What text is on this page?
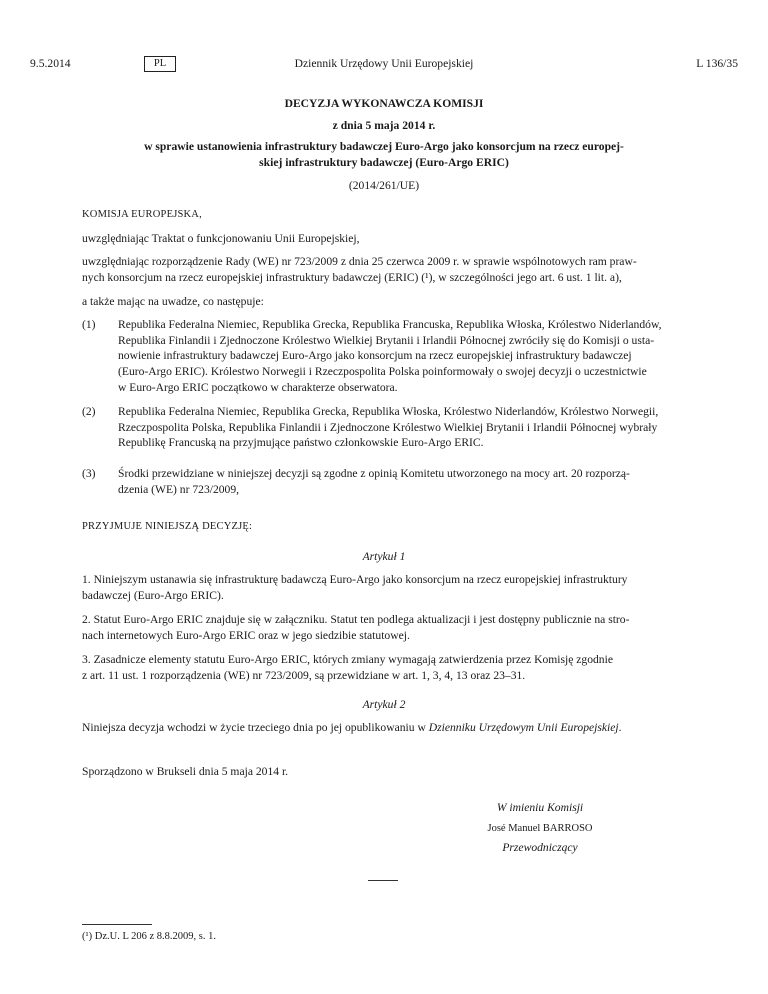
9.5.2014	Dziennik Urzędowy Unii Europejskiej
PL	L 136/35
DECYZJA WYKONAWCZA KOMISJI
z dnia 5 maja 2014 r.
w sprawie ustanowienia infrastruktury badawczej Euro-Argo jako konsorcjum na rzecz europej-
skiej infrastruktury badawczej (Euro-Argo ERIC)
(2014/261/UE)
KOMISJA EUROPEJSKA,
uwzględniając Traktat o funkcjonowaniu Unii Europejskiej,
uwzględniając rozporządzenie Rady (WE) nr 723/2009 z dnia 25 czerwca 2009 r. w sprawie wspólnotowych ram praw-
nych konsorcjum na rzecz europejskiej infrastruktury badawczej (ERIC) (¹), w szczególności jego art. 6 ust. 1 lit. a),
a także mając na uwadze, co następuje:
(1) Republika Federalna Niemiec, Republika Grecka, Republika Francuska, Republika Włoska, Królestwo Niderlandów,
Republika Finlandii i Zjednoczone Królestwo Wielkiej Brytanii i Irlandii Północnej zwróciły się do Komisji o usta-
nowienie infrastruktury badawczej Euro-Argo jako konsorcjum na rzecz europejskiej infrastruktury badawczej
(Euro-Argo ERIC). Królestwo Norwegii i Rzeczpospolita Polska poinformowały o swojej decyzji o uczestnictwie
w Euro-Argo ERIC początkowo w charakterze obserwatora.
(2) Republika Federalna Niemiec, Republika Grecka, Republika Włoska, Królestwo Niderlandów, Królestwo Norwegii,
Rzeczpospolita Polska, Republika Finlandii i Zjednoczone Królestwo Wielkiej Brytanii i Irlandii Północnej wybrały
Republikę Francuską na przyjmujące państwo członkowskie Euro-Argo ERIC.
(3) Środki przewidziane w niniejszej decyzji są zgodne z opinią Komitetu utworzonego na mocy art. 20 rozporzą-
dzenia (WE) nr 723/2009,
PRZYJMUJE NINIEJSZĄ DECYZJĘ:
Artykuł 1
1. Niniejszym ustanawia się infrastrukturę badawczą Euro-Argo jako konsorcjum na rzecz europejskiej infrastruktury
badawczej (Euro-Argo ERIC).
2. Statut Euro-Argo ERIC znajduje się w załączniku. Statut ten podlega aktualizacji i jest dostępny publicznie na stro-
nach internetowych Euro-Argo ERIC oraz w jego siedzibie statutowej.
3. Zasadnicze elementy statutu Euro-Argo ERIC, których zmiany wymagają zatwierdzenia przez Komisję zgodnie
z art. 11 ust. 1 rozporządzenia (WE) nr 723/2009, są przewidziane w art. 1, 3, 4, 13 oraz 23–31.
Artykuł 2
Niniejsza decyzja wchodzi w życie trzeciego dnia po jej opublikowaniu w Dzienniku Urzędowym Unii Europejskiej.
Sporządzono w Brukseli dnia 5 maja 2014 r.
W imieniu Komisji
José Manuel BARROSO
Przewodniczący
(¹) Dz.U. L 206 z 8.8.2009, s. 1.
